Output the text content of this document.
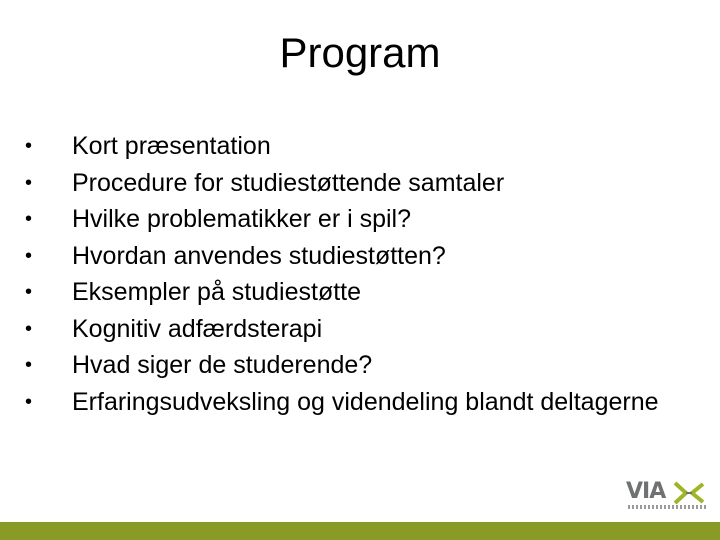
Program
• Kort præsentation
• Procedure for studiestøttende samtaler
• Hvilke problematikker er i spil?
• Hvordan anvendes studiestøtten?
• Eksempler på studiestøtte
• Kognitiv adfærdsterapi
• Hvad siger de studerende?
• Erfaringsudveksling og videndeling blandt deltagerne
VIA
